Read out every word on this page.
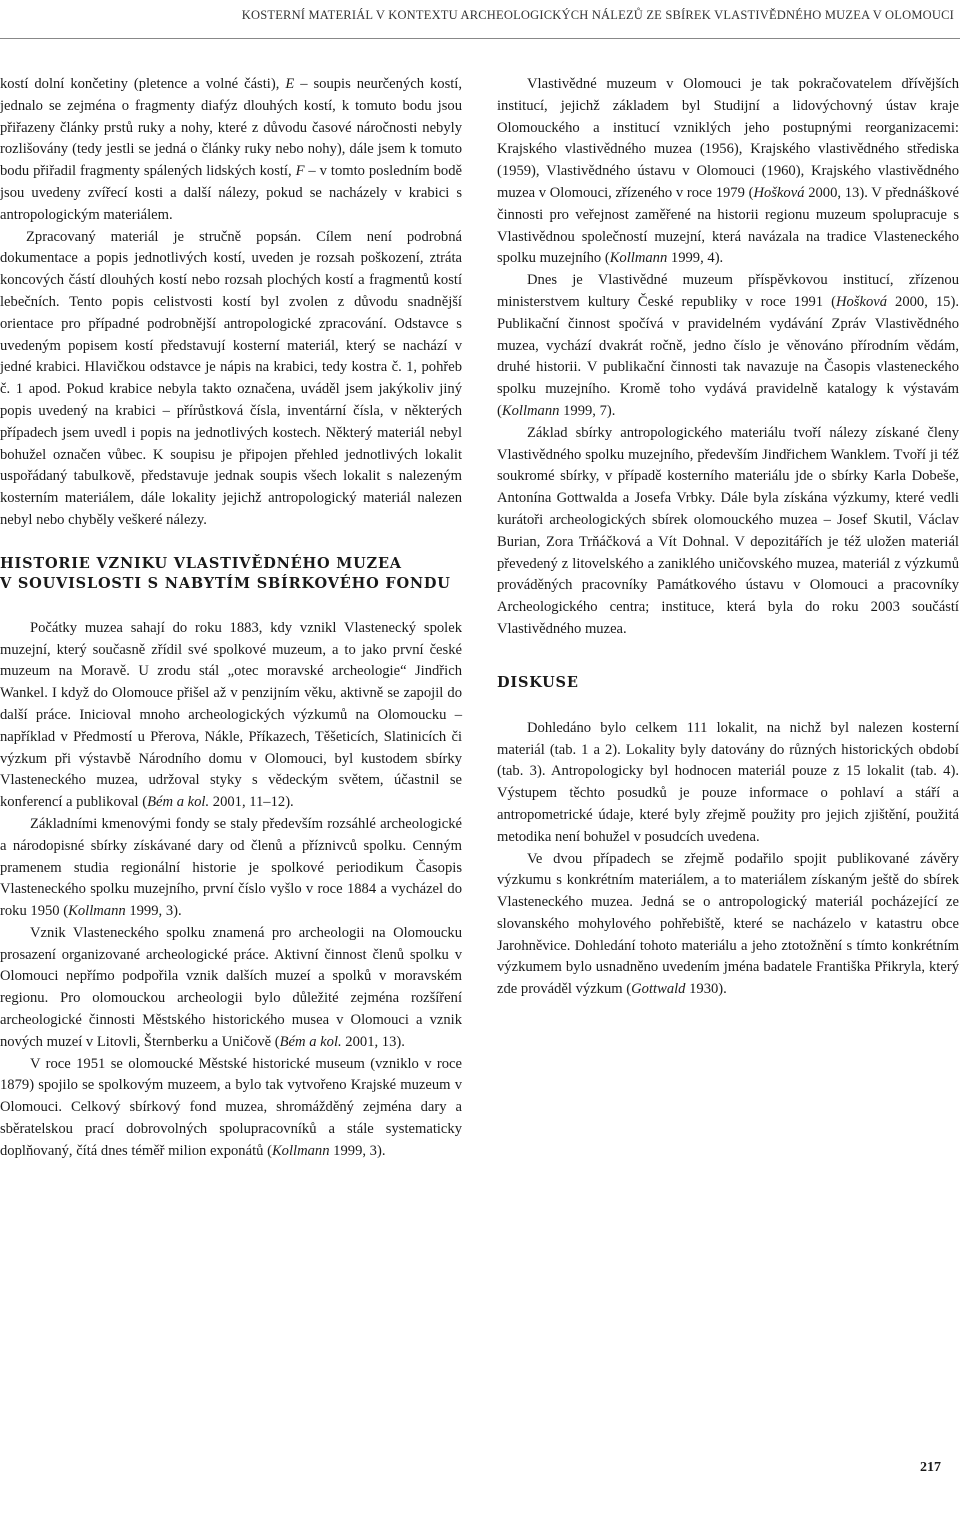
KOSTERNÍ MATERIÁL V KONTEXTU ARCHEOLOGICKÝCH NÁLEZŮ ZE SBÍREK VLASTIVĚDNÉHO MUZEA V OLOMOUCI

kostí dolní končetiny (pletence a volné části), E – soupis neurčených kostí, jednalo se zejména o fragmenty diafýz dlouhých kostí, k tomuto bodu jsou přiřazeny články prstů ruky a nohy, které z důvodu časové náročnosti nebyly rozlišovány (tedy jestli se jedná o články ruky nebo nohy), dále jsem k tomuto bodu přiřadil fragmenty spálených lidských kostí, F – v tomto posledním bodě jsou uvedeny zvířecí kosti a další nálezy, pokud se nacházely v krabici s antropologickým materiálem.

Zpracovaný materiál je stručně popsán. Cílem není podrobná dokumentace a popis jednotlivých kostí, uveden je rozsah poškození, ztráta koncových částí dlouhých kostí nebo rozsah plochých kostí a fragmentů kostí lebečních. Tento popis celistvosti kostí byl zvolen z důvodu snadnější orientace pro případné podrobnější antropologické zpracování. Odstavce s uvedeným popisem kostí představují kosterní materiál, který se nachází v jedné krabici. Hlavičkou odstavce je nápis na krabici, tedy kostra č. 1, pohřeb č. 1 apod. Pokud krabice nebyla takto označena, uváděl jsem jakýkoliv jiný popis uvedený na krabici – přírůstková čísla, inventární čísla, v některých případech jsem uvedl i popis na jednotlivých kostech. Některý materiál nebyl bohužel označen vůbec. K soupisu je připojen přehled jednotlivých lokalit uspořádaný tabulkově, představuje jednak soupis všech lokalit s nalezeným kosterním materiálem, dále lokality jejichž antropologický materiál nalezen nebyl nebo chyběly veškeré nálezy.

HISTORIE VZNIKU VLASTIVĚDNÉHO MUZEA
V SOUVISLOSTI S NABYTÍM SBÍRKOVÉHO FONDU

Počátky muzea sahají do roku 1883, kdy vznikl Vlastenecký spolek muzejní, který současně zřídil své spolkové muzeum, a to jako první české muzeum na Moravě. U zrodu stál „otec moravské archeologie“ Jindřich Wankel. I když do Olomouce přišel až v penzijním věku, aktivně se zapojil do další práce. Inicioval mnoho archeologických výzkumů na Olomoucku – například v Předmostí u Přerova, Nákle, Příkazech, Těšeticích, Slatinicích či výzkum při výstavbě Národního domu v Olomouci, byl kustodem sbírky Vlasteneckého muzea, udržoval styky s vědeckým světem, účastnil se konferencí a publikoval (Bém a kol. 2001, 11–12).

Základními kmenovými fondy se staly především rozsáhlé archeologické a národopisné sbírky získávané dary od členů a příznivců spolku. Cenným pramenem studia regionální historie je spolkové periodikum Časopis Vlasteneckého spolku muzejního, první číslo vyšlo v roce 1884 a vycházel do roku 1950 (Kollmann 1999, 3).

Vznik Vlasteneckého spolku znamená pro archeologii na Olomoucku prosazení organizované archeologické práce. Aktivní činnost členů spolku v Olomouci nepřímo podpořila vznik dalších muzeí a spolků v moravském regionu. Pro olomouckou archeologii bylo důležité zejména rozšíření archeologické činnosti Městského historického musea v Olomouci a vznik nových muzeí v Litovli, Šternberku a Uničově (Bém a kol. 2001, 13).

V roce 1951 se olomoucké Městské historické museum (vzniklo v roce 1879) spojilo se spolkovým muzeem, a bylo tak vytvořeno Krajské muzeum v Olomouci. Celkový sbírkový fond muzea, shromážděný zejména dary a sběratelskou prací dobrovolných spolupracovníků a stále systematicky doplňovaný, čítá dnes téměř milion exponátů (Kollmann 1999, 3).

Vlastivědné muzeum v Olomouci je tak pokračovatelem dřívějších institucí, jejichž základem byl Studijní a lidovýchovný ústav kraje Olomouckého a institucí vzniklých jeho postupnými reorganizacemi: Krajského vlastivědného muzea (1956), Krajského vlastivědného střediska (1959), Vlastivědného ústavu v Olomouci (1960), Krajského vlastivědného muzea v Olomouci, zřízeného v roce 1979 (Hošková 2000, 13). V přednáškové činnosti pro veřejnost zaměřené na historii regionu muzeum spolupracuje s Vlastivědnou společností muzejní, která navázala na tradice Vlasteneckého spolku muzejního (Kollmann 1999, 4).

Dnes je Vlastivědné muzeum příspěvkovou institucí, zřízenou ministerstvem kultury České republiky v roce 1991 (Hošková 2000, 15). Publikační činnost spočívá v pravidelném vydávání Zpráv Vlastivědného muzea, vychází dvakrát ročně, jedno číslo je věnováno přírodním vědám, druhé historii. V publikační činnosti tak navazuje na Časopis vlasteneckého spolku muzejního. Kromě toho vydává pravidelně katalogy k výstavám (Kollmann 1999, 7).

Základ sbírky antropologického materiálu tvoří nálezy získané členy Vlastivědného spolku muzejního, především Jindřichem Wanklem. Tvoří ji též soukromé sbírky, v případě kosterního materiálu jde o sbírky Karla Dobeše, Antonína Gottwalda a Josefa Vrbky. Dále byla získána výzkumy, které vedli kurátoři archeologických sbírek olomouckého muzea – Josef Skutil, Václav Burian, Zora Trňáčková a Vít Dohnal. V depozitářích je též uložen materiál převedený z litovelského a zaniklého uničovského muzea, materiál z výzkumů prováděných pracovníky Památkového ústavu v Olomouci a pracovníky Archeologického centra; instituce, která byla do roku 2003 součástí Vlastivědného muzea.

DISKUSE

Dohledáno bylo celkem 111 lokalit, na nichž byl nalezen kosterní materiál (tab. 1 a 2). Lokality byly datovány do různých historických období (tab. 3). Antropologicky byl hodnocen materiál pouze z 15 lokalit (tab. 4). Výstupem těchto posudků je pouze informace o pohlaví a stáří a antropometrické údaje, které byly zřejmě použity pro jejich zjištění, použitá metodika není bohužel v posudcích uvedena.

Ve dvou případech se zřejmě podařilo spojit publikované závěry výzkumu s konkrétním materiálem, a to materiálem získaným ještě do sbírek Vlasteneckého muzea. Jedná se o antropologický materiál pocházející ze slovanského mohylového pohřebiště, které se nacházelo v katastru obce Jarohněvice. Dohledání tohoto materiálu a jeho ztotožnění s tímto konkrétním výzkumem bylo usnadněno uvedením jména badatele Františka Přikryla, který zde prováděl výzkum (Gottwald 1930).

217
